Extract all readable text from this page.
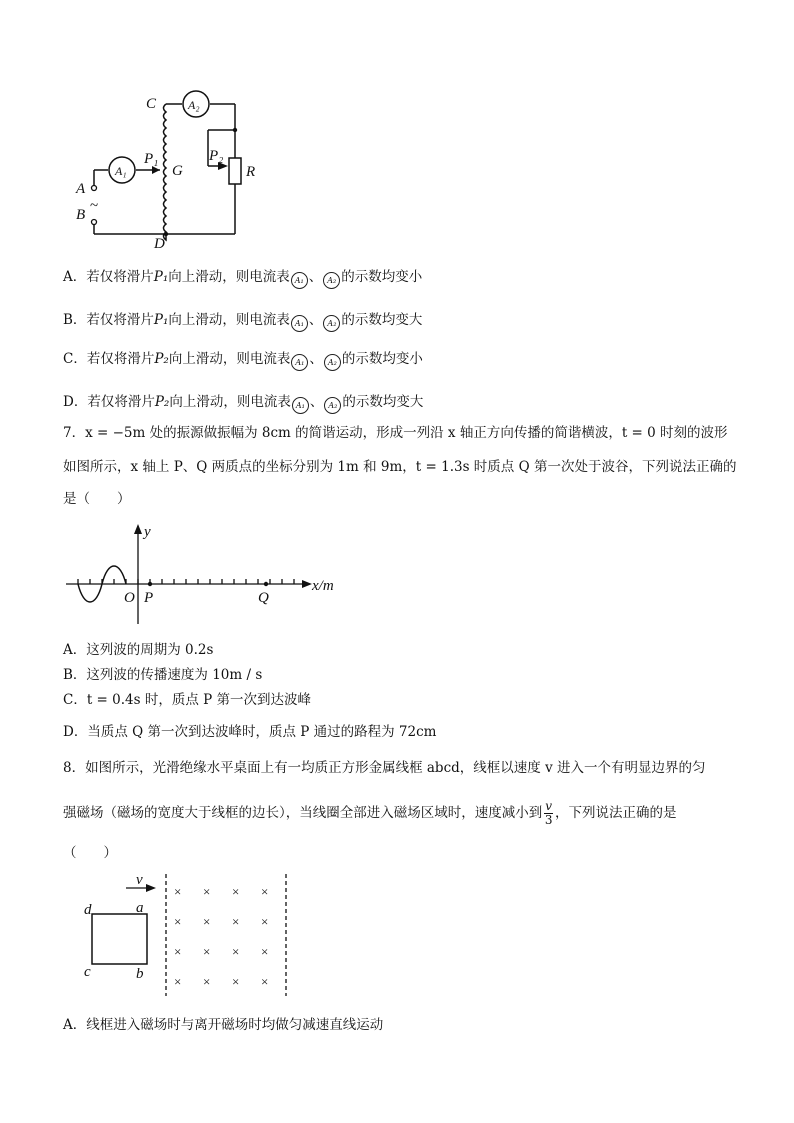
C	A₂
A₁
P₁	P₂
G	R
A
B
~
D
A．若仅将滑片P₁向上滑动，则电流表 A₁ 、 A₂ 的示数均变小
B．若仅将滑片P₁向上滑动，则电流表 A₁ 、 A₂ 的示数均变大
C．若仅将滑片P₂向上滑动，则电流表 A₁ 、 A₂ 的示数均变小
D．若仅将滑片P₂向上滑动，则电流表 A₁ 、 A₂ 的示数均变大
7．x = −5m 处的振源做振幅为 8cm 的简谐运动，形成一列沿 x 轴正方向传播的简谐横波，t = 0 时刻的波形
如图所示，x 轴上 P、Q 两质点的坐标分别为 1m 和 9m，t = 1.3s 时质点 Q 第一次处于波谷，下列说法正确的
是（　　）
y
x/m
O P	Q
A．这列波的周期为 0.2s
B．这列波的传播速度为 10m / s
C．t = 0.4s 时，质点 P 第一次到达波峰
D．当质点 Q 第一次到达波峰时，质点 P 通过的路程为 72cm
8．如图所示，光滑绝缘水平桌面上有一均质正方形金属线框 abcd，线框以速度 v 进入一个有明显边界的匀
强磁场（磁场的宽度大于线框的边长），当线圈全部进入磁场区域时，速度减小到 $\frac{v}{3}$ ，下列说法正确的是
（　　）
× × × ×
× × × ×
× × × ×
× × × ×
d	a
c	b
v
A．线框进入磁场时与离开磁场时均做匀减速直线运动
